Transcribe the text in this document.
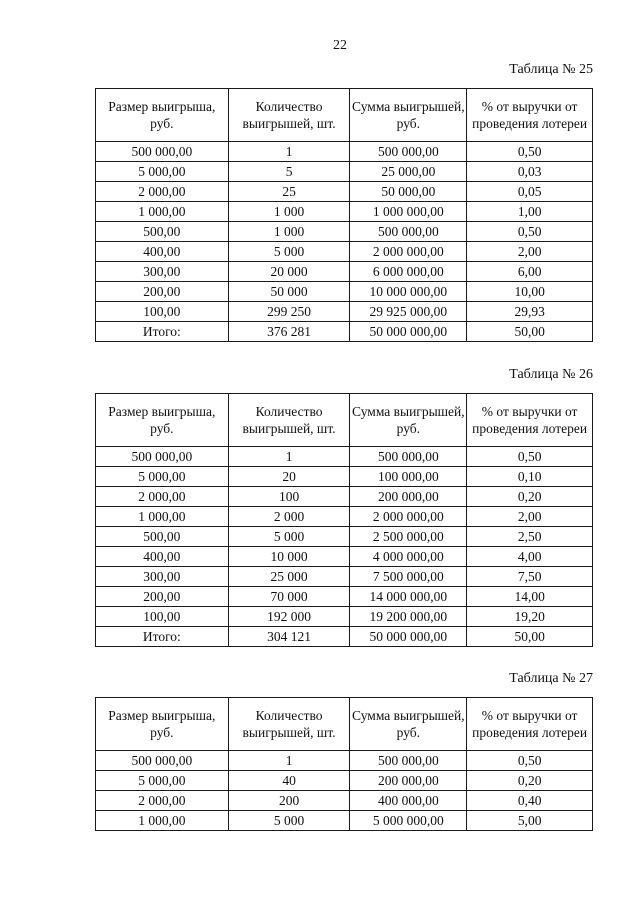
22
Таблица № 25
Размер выигрыша, руб.	Количество выигрышей, шт.	Сумма выигрышей, руб.	% от выручки от проведения лотереи
500 000,00	1	500 000,00	0,50
5 000,00	5	25 000,00	0,03
2 000,00	25	50 000,00	0,05
1 000,00	1 000	1 000 000,00	1,00
500,00	1 000	500 000,00	0,50
400,00	5 000	2 000 000,00	2,00
300,00	20 000	6 000 000,00	6,00
200,00	50 000	10 000 000,00	10,00
100,00	299 250	29 925 000,00	29,93
Итого:	376 281	50 000 000,00	50,00
Таблица № 26
Размер выигрыша, руб.	Количество выигрышей, шт.	Сумма выигрышей, руб.	% от выручки от проведения лотереи
500 000,00	1	500 000,00	0,50
5 000,00	20	100 000,00	0,10
2 000,00	100	200 000,00	0,20
1 000,00	2 000	2 000 000,00	2,00
500,00	5 000	2 500 000,00	2,50
400,00	10 000	4 000 000,00	4,00
300,00	25 000	7 500 000,00	7,50
200,00	70 000	14 000 000,00	14,00
100,00	192 000	19 200 000,00	19,20
Итого:	304 121	50 000 000,00	50,00
Таблица № 27
Размер выигрыша, руб.	Количество выигрышей, шт.	Сумма выигрышей, руб.	% от выручки от проведения лотереи
500 000,00	1	500 000,00	0,50
5 000,00	40	200 000,00	0,20
2 000,00	200	400 000,00	0,40
1 000,00	5 000	5 000 000,00	5,00
